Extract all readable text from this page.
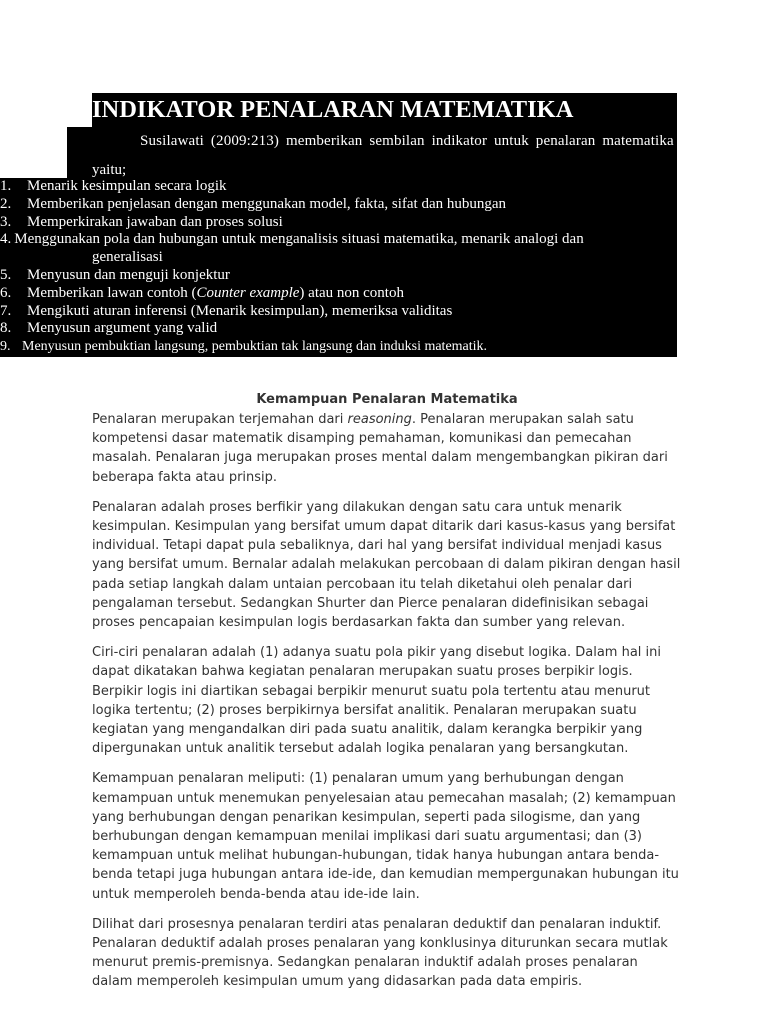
INDIKATOR PENALARAN MATEMATIKA
Susilawati (2009:213) memberikan sembilan indikator untuk penalaran matematika
yaitu;
1. Menarik kesimpulan secara logik
2. Memberikan penjelasan dengan menggunakan model, fakta, sifat dan hubungan
3. Memperkirakan jawaban dan proses solusi
4. Menggunakan pola dan hubungan untuk menganalisis situasi matematika, menarik analogi dan
generalisasi
5. Menyusun dan menguji konjektur
6. Memberikan lawan contoh (Counter example) atau non contoh
7. Mengikuti aturan inferensi (Menarik kesimpulan), memeriksa validitas
8. Menyusun argument yang valid
9. Menyusun pembuktian langsung, pembuktian tak langsung dan induksi matematik.
Kemampuan Penalaran Matematika

Penalaran merupakan terjemahan dari reasoning. Penalaran merupakan salah satu kompetensi dasar matematik disamping pemahaman, komunikasi dan pemecahan masalah. Penalaran juga merupakan proses mental dalam mengembangkan pikiran dari beberapa fakta atau prinsip.

Penalaran adalah proses berfikir yang dilakukan dengan satu cara untuk menarik kesimpulan. Kesimpulan yang bersifat umum dapat ditarik dari kasus-kasus yang bersifat individual. Tetapi dapat pula sebaliknya, dari hal yang bersifat individual menjadi kasus yang bersifat umum. Bernalar adalah melakukan percobaan di dalam pikiran dengan hasil pada setiap langkah dalam untaian percobaan itu telah diketahui oleh penalar dari pengalaman tersebut. Sedangkan Shurter dan Pierce penalaran didefinisikan sebagai proses pencapaian kesimpulan logis berdasarkan fakta dan sumber yang relevan.

Ciri-ciri penalaran adalah (1) adanya suatu pola pikir yang disebut logika. Dalam hal ini dapat dikatakan bahwa kegiatan penalaran merupakan suatu proses berpikir logis. Berpikir logis ini diartikan sebagai berpikir menurut suatu pola tertentu atau menurut logika tertentu; (2) proses berpikirnya bersifat analitik. Penalaran merupakan suatu kegiatan yang mengandalkan diri pada suatu analitik, dalam kerangka berpikir yang dipergunakan untuk analitik tersebut adalah logika penalaran yang bersangkutan.

Kemampuan penalaran meliputi: (1) penalaran umum yang berhubungan dengan kemampuan untuk menemukan penyelesaian atau pemecahan masalah; (2) kemampuan yang berhubungan dengan penarikan kesimpulan, seperti pada silogisme, dan yang berhubungan dengan kemampuan menilai implikasi dari suatu argumentasi; dan (3) kemampuan untuk melihat hubungan-hubungan, tidak hanya hubungan antara benda-benda tetapi juga hubungan antara ide-ide, dan kemudian mempergunakan hubungan itu untuk memperoleh benda-benda atau ide-ide lain.

Dilihat dari prosesnya penalaran terdiri atas penalaran deduktif dan penalaran induktif. Penalaran deduktif adalah proses penalaran yang konklusinya diturunkan secara mutlak menurut premis-premisnya. Sedangkan penalaran induktif adalah proses penalaran dalam memperoleh kesimpulan umum yang didasarkan pada data empiris.
